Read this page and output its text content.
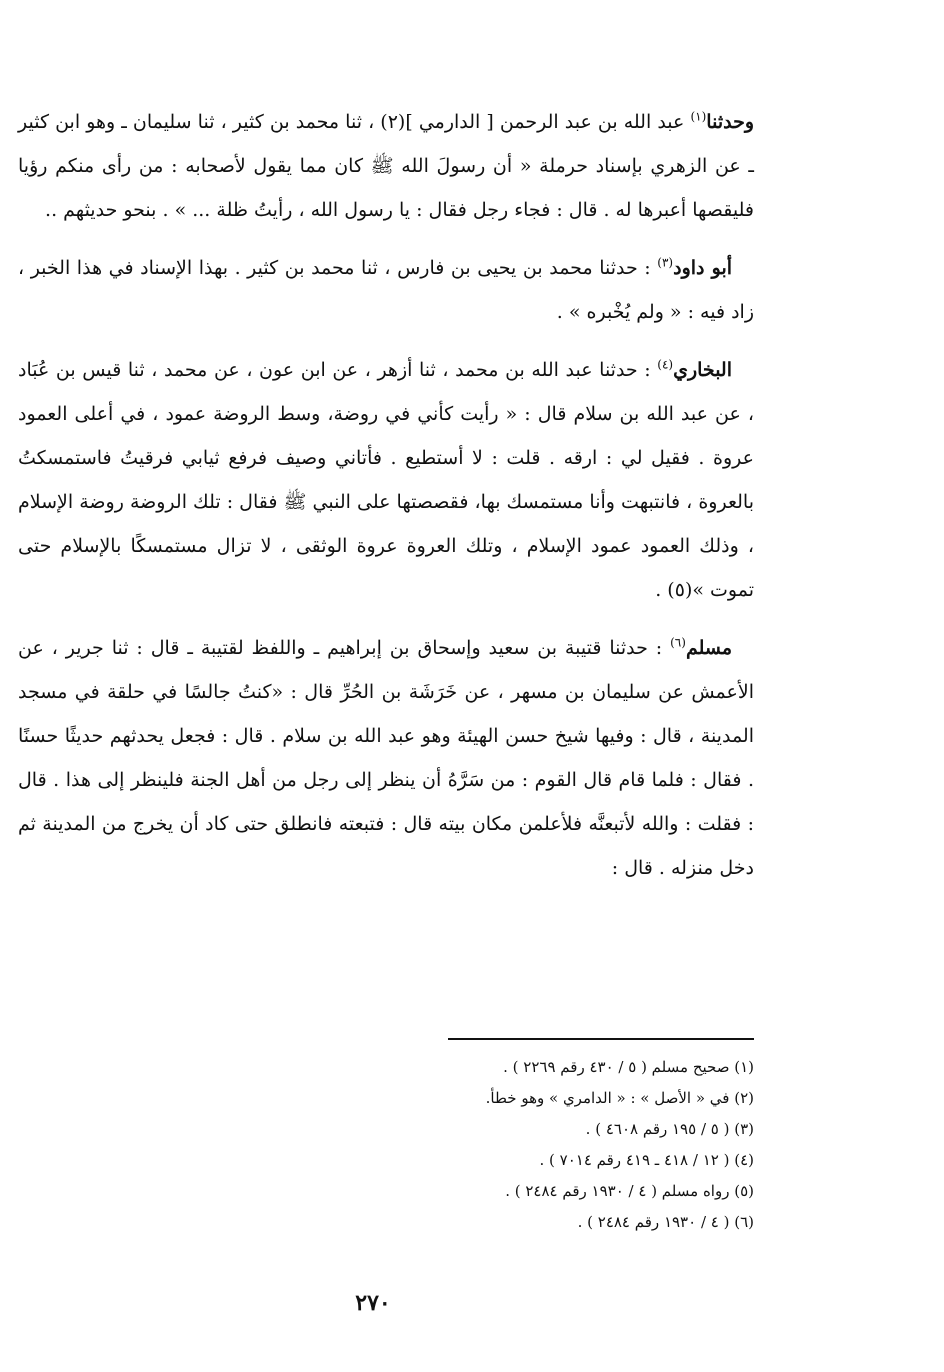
وحدثنا$^{(١)}$ عبد الله بن عبد الرحمن [ الدارمي ](٢) ، ثنا محمد بن كثير ، ثنا سليمان ـ وهو ابن كثير ـ عن الزهري بإسناد حرملة « أن رسولَ الله ﷺ كان مما يقول لأصحابه : من رأى منكم رؤيا فليقصها أعبرها له . قال : فجاء رجل فقال : يا رسول الله ، رأيتُ ظلة ... » . بنحو حديثهم ..

أبو داود$^{(٣)}$ : حدثنا محمد بن يحيى بن فارس ، ثنا محمد بن كثير . بهذا الإسناد في هذا الخبر ، زاد فيه : « ولم يُخْبره » .

البخاري$^{(٤)}$ : حدثنا عبد الله بن محمد ، ثنا أزهر ، عن ابن عون ، عن محمد ، ثنا قيس بن عُبَاد ، عن عبد الله بن سلام قال : « رأيت كأني في روضة، وسط الروضة عمود ، في أعلى العمود عروة . فقيل لي : ارقه . قلت : لا أستطيع . فأتاني وصيف فرفع ثيابي فرقيتُ فاستمسكتُ بالعروة ، فانتبهت وأنا مستمسك بها، فقصصتها على النبي ﷺ فقال : تلك الروضة روضة الإسلام ، وذلك العمود عمود الإسلام ، وتلك العروة عروة الوثقى ، لا تزال مستمسكًا بالإسلام حتى تموت »(٥) .

مسلم$^{(٦)}$ : حدثنا قتيبة بن سعيد وإسحاق بن إبراهيم ـ واللفظ لقتيبة ـ قال : ثنا جرير ، عن الأعمش عن سليمان بن مسهر ، عن خَرَشَة بن الحُرِّ قال : «كنتُ جالسًا في حلقة في مسجد المدينة ، قال : وفيها شيخ حسن الهيئة وهو عبد الله بن سلام . قال : فجعل يحدثهم حديثًا حسنًا . فقال : فلما قام قال القوم : من سَرَّهُ أن ينظر إلى رجل من أهل الجنة فلينظر إلى هذا . قال : فقلت : والله لأتبعنَّه فلأعلمن مكان بيته قال : فتبعته فانطلق حتى كاد أن يخرج من المدينة ثم دخل منزله . قال :

(١) صحيح مسلم ( ٥ / ٤٣٠ رقم ٢٢٦٩ ) .

(٢) في « الأصل » : « الدامري » وهو خطأ.

(٣) ( ٥ / ١٩٥ رقم ٤٦٠٨ ) .

(٤) ( ١٢ / ٤١٨ ـ ٤١٩ رقم ٧٠١٤ ) .

(٥) رواه مسلم ( ٤ / ١٩٣٠ رقم ٢٤٨٤ ) .

(٦) ( ٤ / ١٩٣٠ رقم ٢٤٨٤ ) .

٢٧٠
